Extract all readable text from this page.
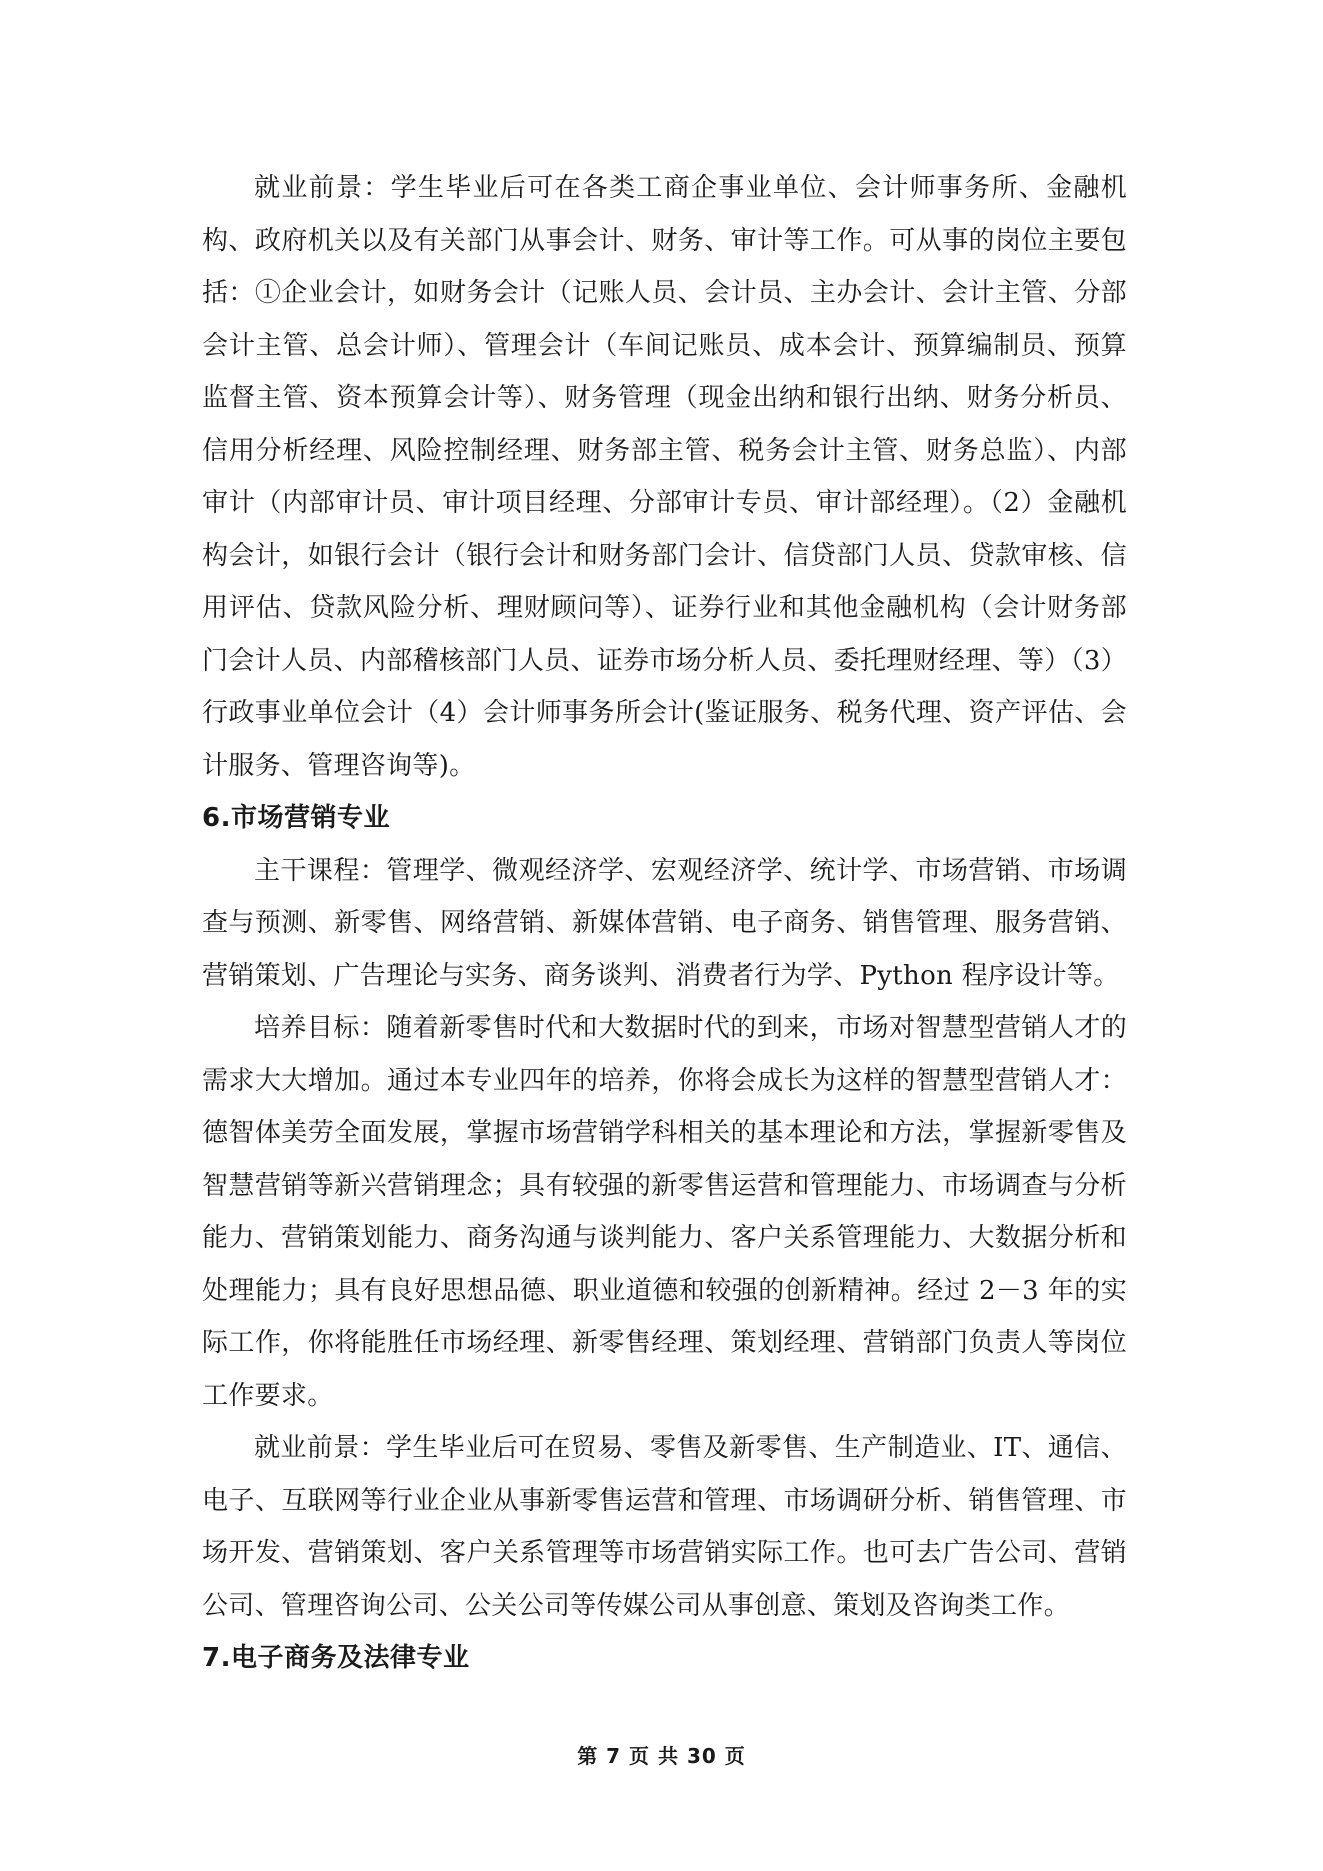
就业前景：学生毕业后可在各类工商企事业单位、会计师事务所、金融机构、政府机关以及有关部门从事会计、财务、审计等工作。可从事的岗位主要包括：①企业会计，如财务会计（记账人员、会计员、主办会计、会计主管、分部会计主管、总会计师）、管理会计（车间记账员、成本会计、预算编制员、预算监督主管、资本预算会计等）、财务管理（现金出纳和银行出纳、财务分析员、信用分析经理、风险控制经理、财务部主管、税务会计主管、财务总监）、内部审计（内部审计员、审计项目经理、分部审计专员、审计部经理）。（2）金融机构会计，如银行会计（银行会计和财务部门会计、信贷部门人员、贷款审核、信用评估、贷款风险分析、理财顾问等）、证券行业和其他金融机构（会计财务部门会计人员、内部稽核部门人员、证券市场分析人员、委托理财经理、等）（3）行政事业单位会计（4）会计师事务所会计(鉴证服务、税务代理、资产评估、会计服务、管理咨询等)。

6.市场营销专业

主干课程：管理学、微观经济学、宏观经济学、统计学、市场营销、市场调查与预测、新零售、网络营销、新媒体营销、电子商务、销售管理、服务营销、营销策划、广告理论与实务、商务谈判、消费者行为学、Python 程序设计等。

培养目标：随着新零售时代和大数据时代的到来，市场对智慧型营销人才的需求大大增加。通过本专业四年的培养，你将会成长为这样的智慧型营销人才：德智体美劳全面发展，掌握市场营销学科相关的基本理论和方法，掌握新零售及智慧营销等新兴营销理念；具有较强的新零售运营和管理能力、市场调查与分析能力、营销策划能力、商务沟通与谈判能力、客户关系管理能力、大数据分析和处理能力；具有良好思想品德、职业道德和较强的创新精神。经过 2－3 年的实际工作，你将能胜任市场经理、新零售经理、策划经理、营销部门负责人等岗位工作要求。

就业前景：学生毕业后可在贸易、零售及新零售、生产制造业、IT、通信、电子、互联网等行业企业从事新零售运营和管理、市场调研分析、销售管理、市场开发、营销策划、客户关系管理等市场营销实际工作。也可去广告公司、营销公司、管理咨询公司、公关公司等传媒公司从事创意、策划及咨询类工作。

7.电子商务及法律专业
第 7 页 共 30 页
